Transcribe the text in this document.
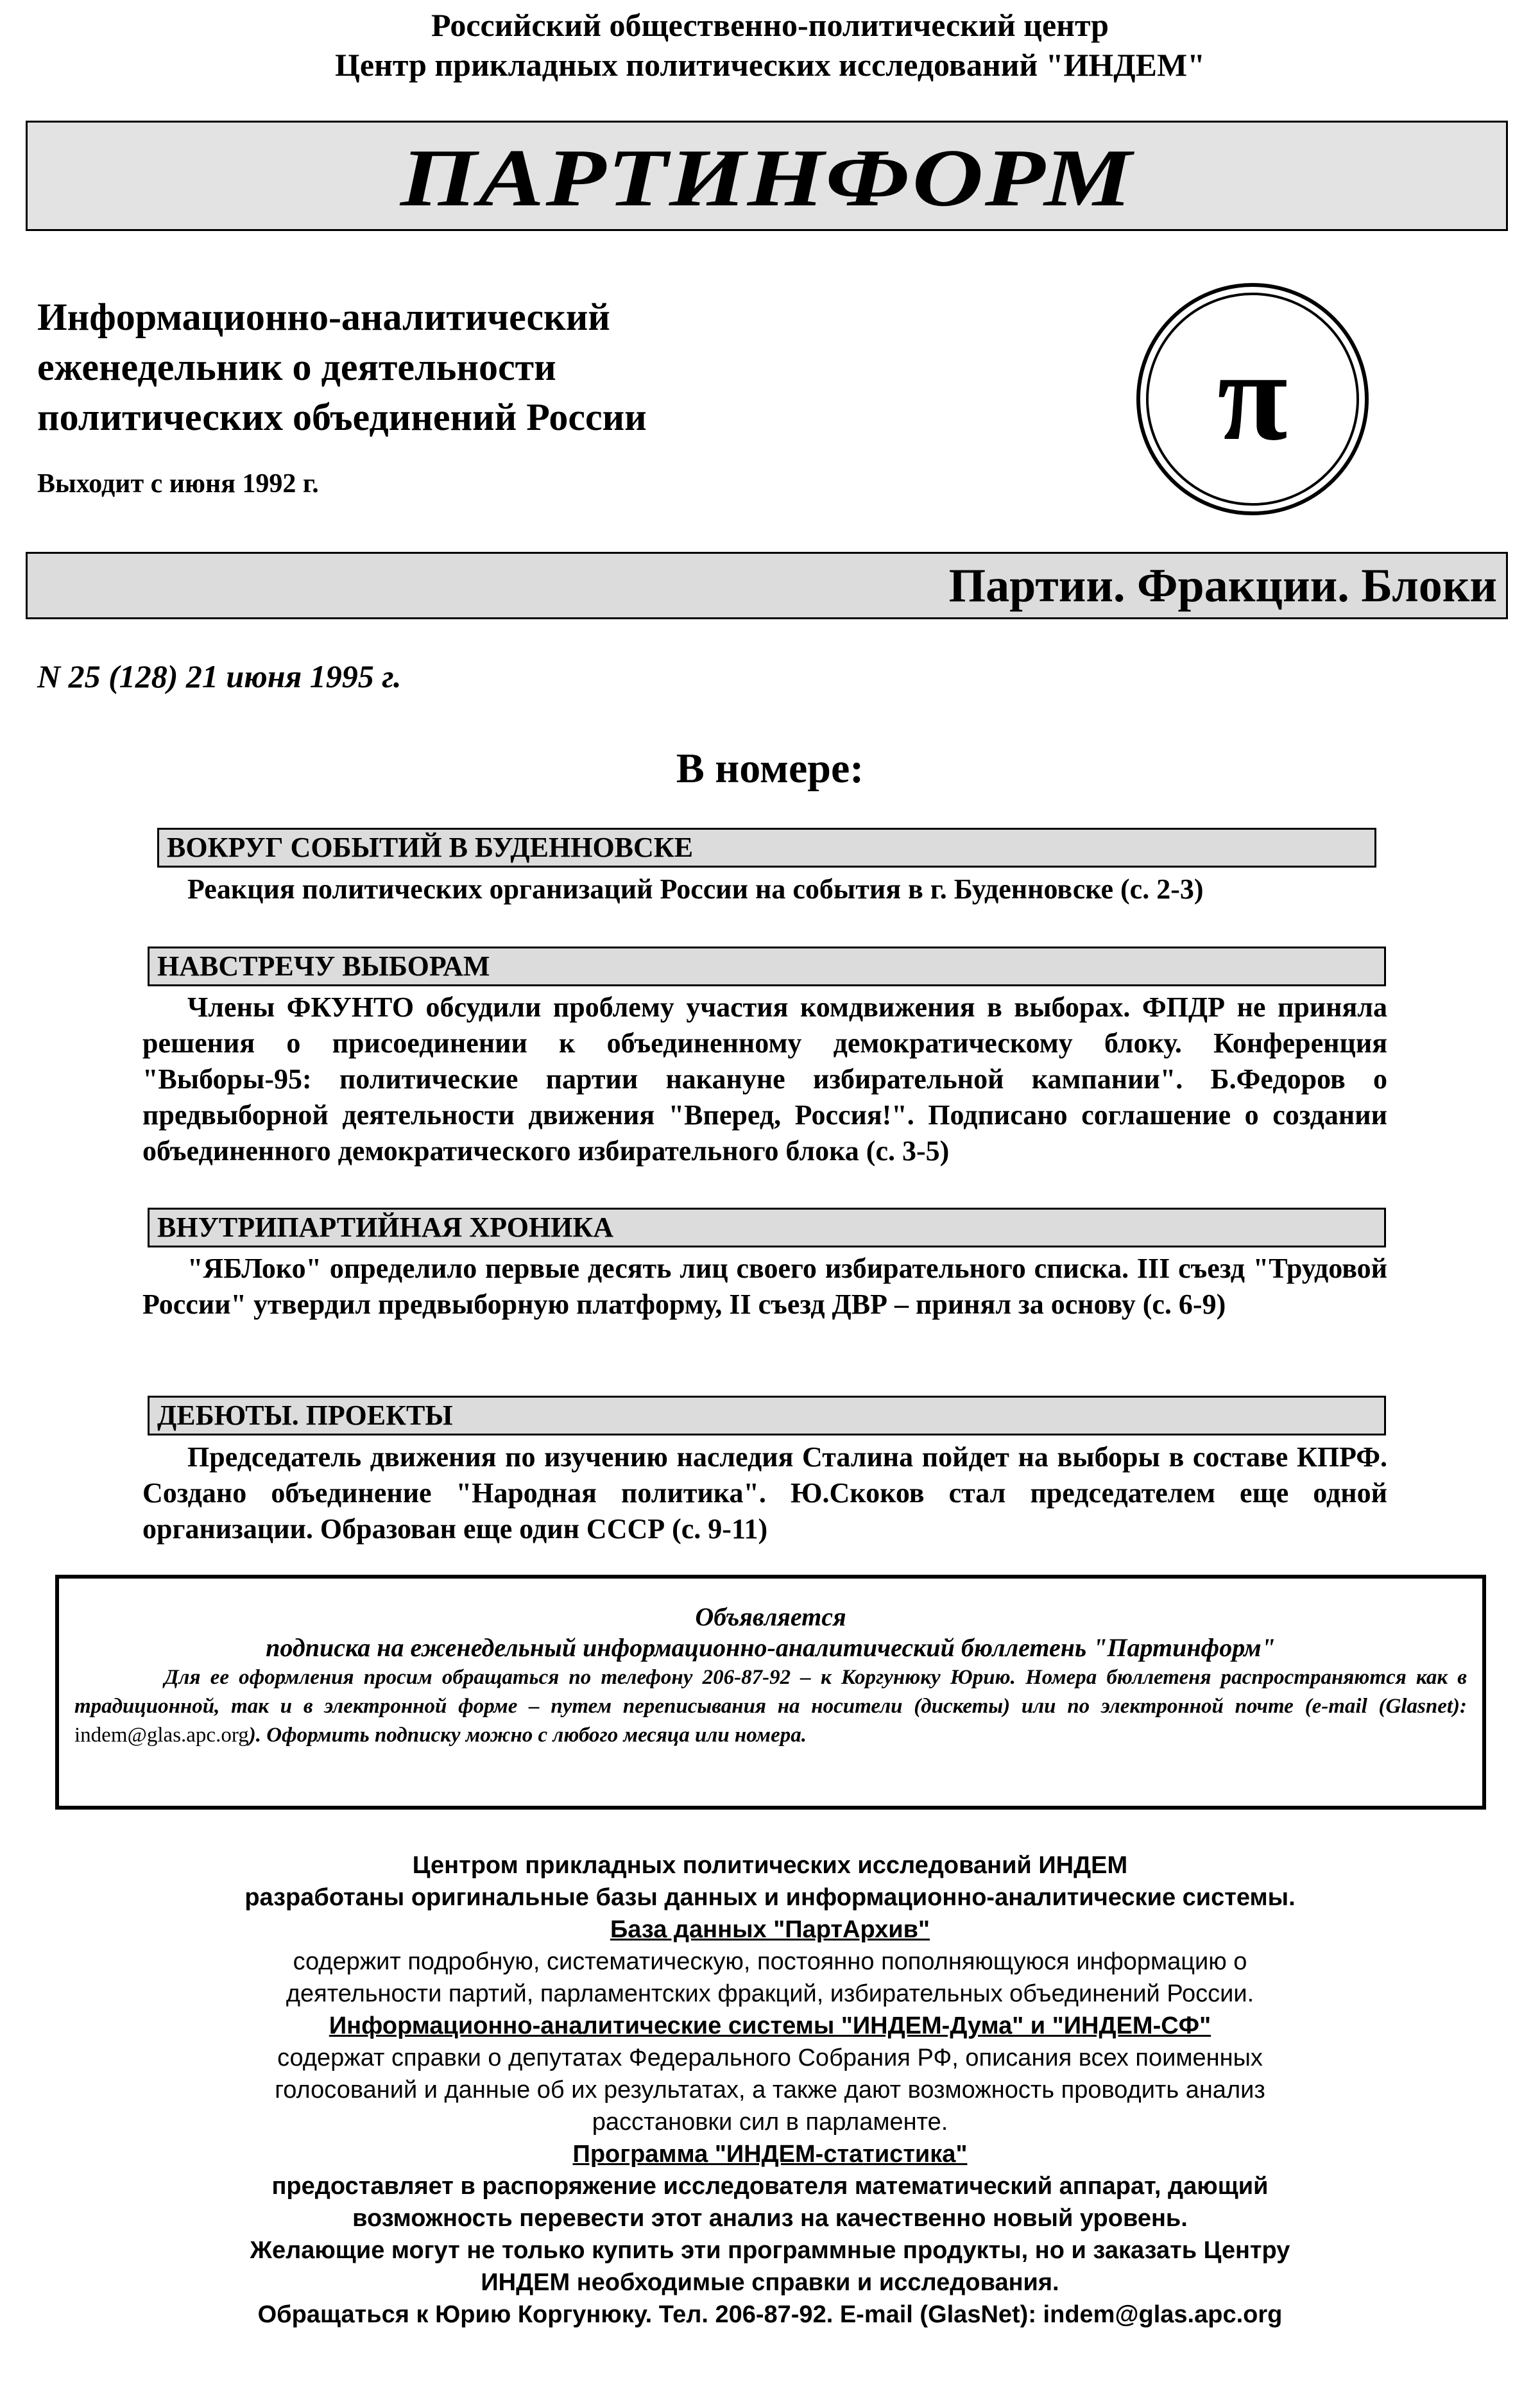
Российский общественно-политический центр
Центр прикладных политических исследований "ИНДЕМ"
ПАРТИНФОРМ
Информационно-аналитический
еженедельник о деятельности
политических объединений России
Выходит с июня 1992 г.
π
Партии. Фракции. Блоки
N 25 (128) 21 июня 1995 г.
В номере:
ВОКРУГ СОБЫТИЙ В БУДЕННОВСКЕ
Реакция политических организаций России на события в г. Буденновске (с. 2-3)
НАВСТРЕЧУ ВЫБОРАМ
Члены ФКУНТО обсудили проблему участия комдвижения в выборах. ФПДР не приняла решения о присоединении к объединенному демократическому блоку. Конференция "Выборы-95: политические партии накануне избирательной кампании". Б.Федоров о предвыборной деятельности движения "Вперед, Россия!". Подписано соглашение о создании объединенного демократического избирательного блока (с. 3-5)
ВНУТРИПАРТИЙНАЯ ХРОНИКА
"ЯБЛоко" определило первые десять лиц своего избирательного списка. III съезд "Трудовой России" утвердил предвыборную платформу, II съезд ДВР – принял за основу (с. 6-9)
ДЕБЮТЫ. ПРОЕКТЫ
Председатель движения по изучению наследия Сталина пойдет на выборы в составе КПРФ. Создано объединение "Народная политика". Ю.Скоков стал председателем еще одной организации. Образован еще один СССР (с. 9-11)
Объявляется
подписка на еженедельный информационно-аналитический бюллетень "Партинформ"
Для ее оформления просим обращаться по телефону 206-87-92 – к Коргунюку Юрию. Номера бюллетеня распространяются как в традиционной, так и в электронной форме – путем переписывания на носители (дискеты) или по электронной почте (e-mail (Glasnet): indem@glas.apc.org). Оформить подписку можно с любого месяца или номера.
Центром прикладных политических исследований ИНДЕМ
разработаны оригинальные базы данных и информационно-аналитические системы.
База данных "ПартАрхив"
содержит подробную, систематическую, постоянно пополняющуюся информацию о
деятельности партий, парламентских фракций, избирательных объединений России.
Информационно-аналитические системы "ИНДЕМ-Дума" и "ИНДЕМ-СФ"
содержат справки о депутатах Федерального Собрания РФ, описания всех поименных
голосований и данные об их результатах, а также дают возможность проводить анализ
расстановки сил в парламенте.
Программа "ИНДЕМ-статистика"
предоставляет в распоряжение исследователя математический аппарат, дающий
возможность перевести этот анализ на качественно новый уровень.
Желающие могут не только купить эти программные продукты, но и заказать Центру
ИНДЕМ необходимые справки и исследования.
Обращаться к Юрию Коргунюку. Тел. 206-87-92. E-mail (GlasNet): indem@glas.apc.org
